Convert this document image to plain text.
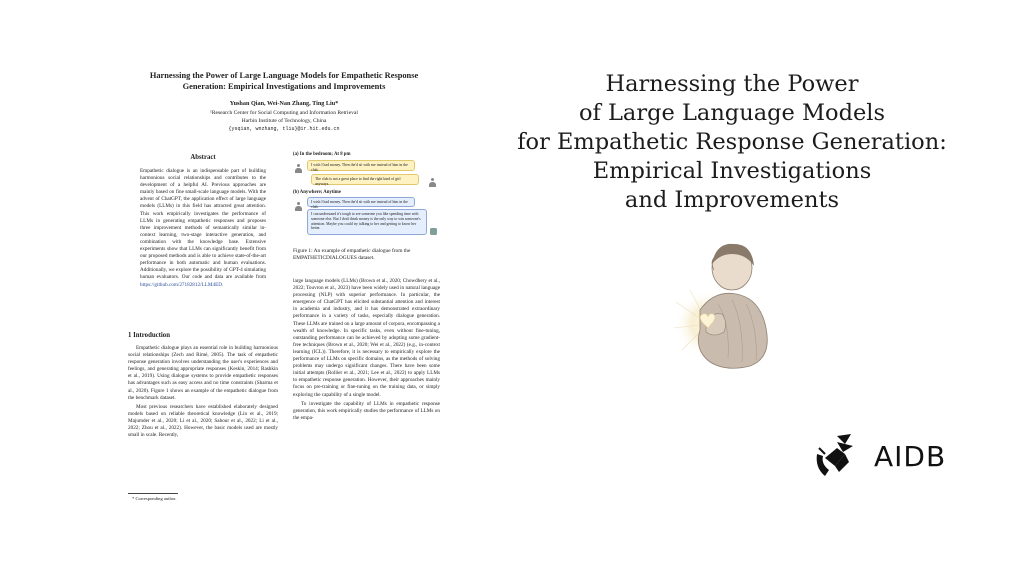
Harnessing the Power of Large Language Models for Empathetic Response
Generation: Empirical Investigations and Improvements
Yushan Qian, Wei-Nan Zhang, Ting Liu*
¹Research Center for Social Computing and Information Retrieval
Harbin Institute of Technology, China
{ysqian, wnzhang, tliu}@ir.hit.edu.cn
Abstract
Empathetic dialogue is an indispensable part of building harmonious social relationships and contributes to the development of a helpful AI. Previous approaches are mainly based on fine small-scale language models. With the advent of ChatGPT, the application effect of large language models (LLMs) in this field has attracted great attention. This work empirically investigates the performance of LLMs in generating empathetic responses and proposes three improvement methods of semantically similar in-context learning, two-stage interactive generation, and combination with the knowledge base. Extensive experiments show that LLMs can significantly benefit from our proposed methods and is able to achieve state-of-the-art performance in both automatic and human evaluations. Additionally, we explore the possibility of GPT-4 simulating human evaluators. Our code and data are available from https://github.com/27182812/LLM4ED.
1 Introduction

Empathetic dialogue plays an essential role in building harmonious social relationships (Zech and Rimé, 2005). The task of empathetic response generation involves understanding the user's experiences and feelings, and generating appropriate responses (Keskin, 2014; Rashkin et al., 2019). Using dialogue systems to provide empathetic responses has advantages such as easy access and no time constraints (Sharma et al., 2020). Figure 1 shows an example of the empathetic dialogue from the benchmark dataset.

Most previous researchers have established elaborately designed models based on reliable theoretical knowledge (Lin et al., 2019; Majumder et al., 2020; Li et al., 2020; Sabour et al., 2022; Li et al., 2022; Zhou et al., 2022). However, the basic models used are mostly small in scale. Recently,

* Corresponding author.
(a) In the bedroom; At 8 pm
I wish I had money. Then the'd sit with me instead of him in the club.
The club is not a great place to find the right kind of girl anyways.
(b) Anywhere; Anytime
I wish I had money. Then the'd sit with me instead of him in the club.
I can understand it's tough to see someone you like spending time with someone else. But I don't think money is the only way to win someone's attention. Maybe you could try talking to her and getting to know her better.
Figure 1: An example of empathetic dialogue from the EMPATHETICDIALOGUES dataset.

large language models (LLMs) (Brown et al., 2020; Chowdhery et al., 2022; Touvron et al., 2023) have been widely used in natural language processing (NLP) with superior performance. In particular, the emergence of ChatGPT has elicited substantial attention and interest in academia and industry, and it has demonstrated extraordinary performance in a variety of tasks, especially dialogue generation. These LLMs are trained on a large amount of corpora, encompassing a wealth of knowledge. In specific tasks, even without fine-tuning, outstanding performance can be achieved by adopting some gradient-free techniques (Brown et al., 2020; Wei et al., 2022) (e.g., in-context learning (ICL)). Therefore, it is necessary to empirically explore the performance of LLMs on specific domains, as the methods of solving problems may undergo significant changes. There have been some initial attempts (Rollier et al., 2021; Lee et al., 2022) to apply LLMs to empathetic response generation. However, their approaches mainly focus on pre-training or fine-tuning on the training data, or simply exploring the capability of a single model.

To investigate the capability of LLMs in empathetic response generation, this work empirically studies the performance of LLMs on the empa-

Harnessing the Power
of Large Language Models
for Empathetic Response Generation:
Empirical Investigations
and Improvements
AIDB
